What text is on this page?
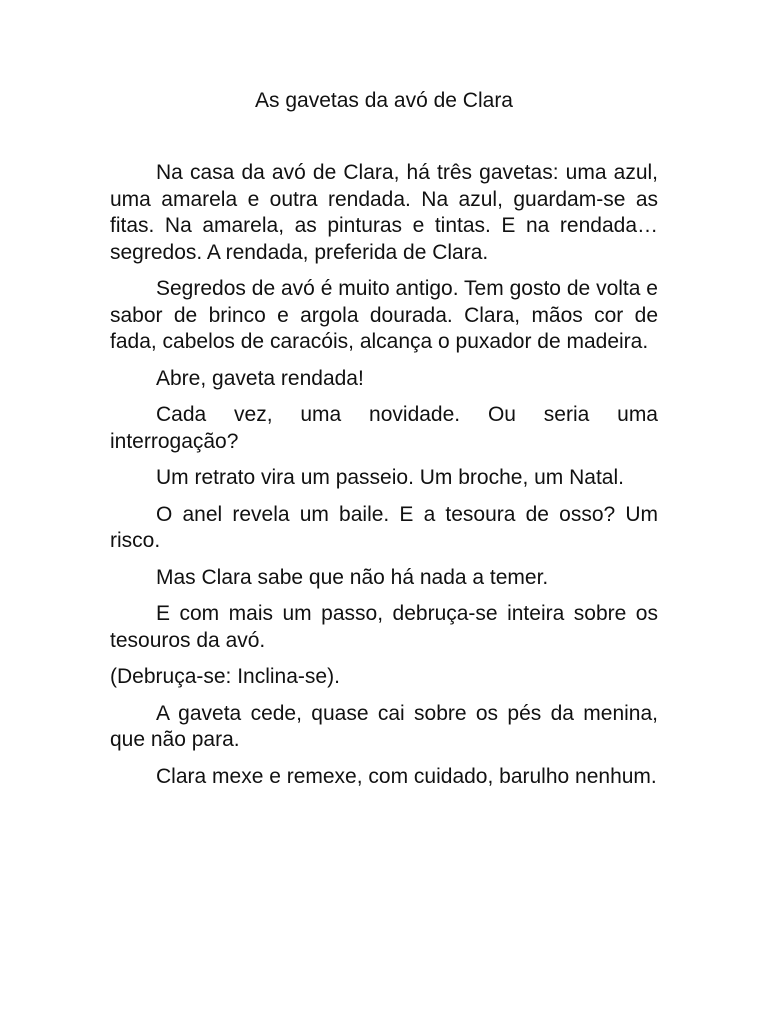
As gavetas da avó de Clara

Na casa da avó de Clara, há três gavetas: uma azul, uma amarela e outra rendada. Na azul, guardam-se as fitas. Na amarela, as pinturas e tintas. E na rendada… segredos. A rendada, preferida de Clara.

Segredos de avó é muito antigo. Tem gosto de volta e sabor de brinco e argola dourada. Clara, mãos cor de fada, cabelos de caracóis, alcança o puxador de madeira.

Abre, gaveta rendada!

Cada vez, uma novidade. Ou seria uma interrogação?

Um retrato vira um passeio. Um broche, um Natal.

O anel revela um baile. E a tesoura de osso? Um risco.

Mas Clara sabe que não há nada a temer.

E com mais um passo, debruça-se inteira sobre os tesouros da avó.

(Debruça-se: Inclina-se).

A gaveta cede, quase cai sobre os pés da menina, que não para.

Clara mexe e remexe, com cuidado, barulho nenhum.
